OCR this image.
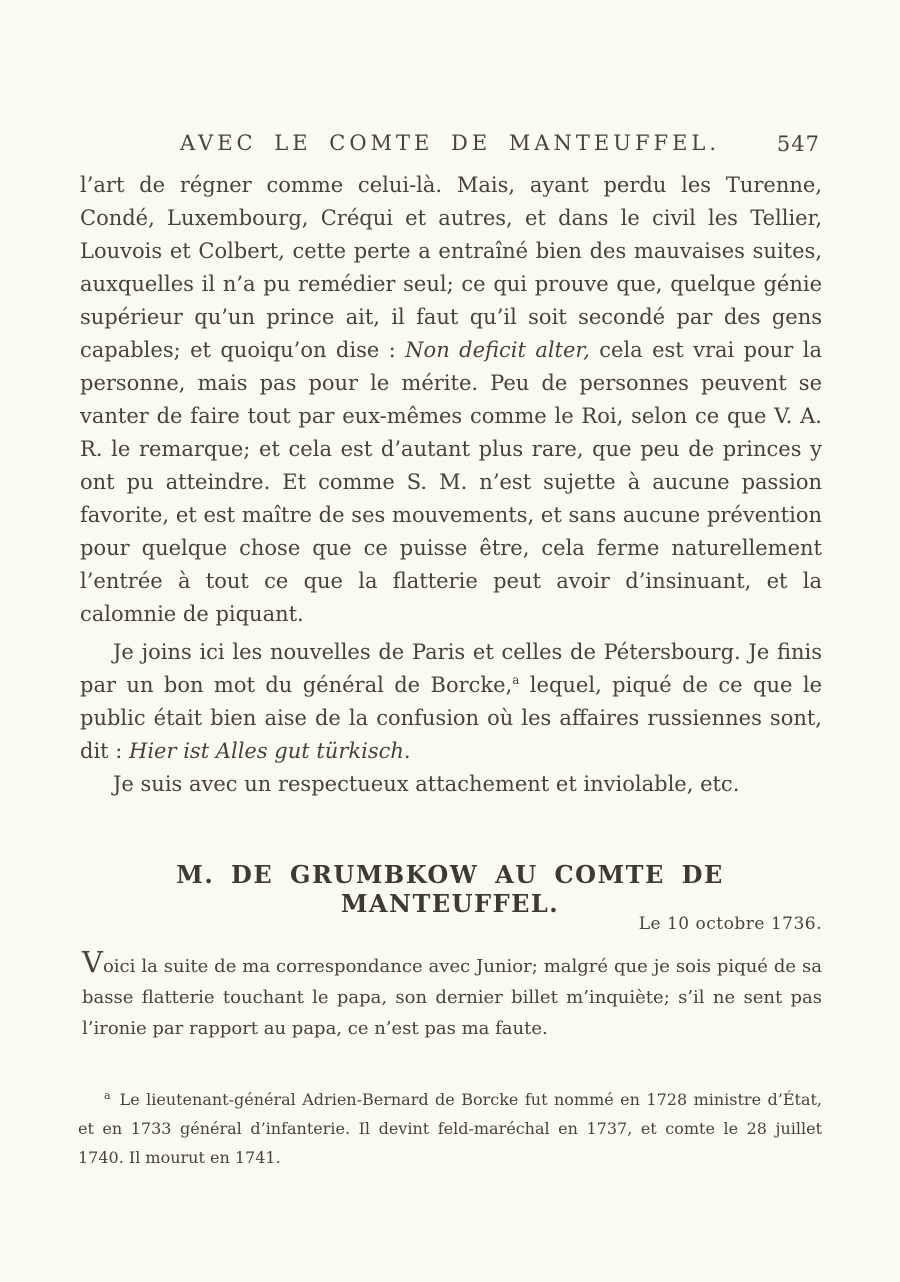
AVEC LE COMTE DE MANTEUFFEL.	547

l’art de régner comme celui-là. Mais, ayant perdu les Turenne, Condé, Luxembourg, Créqui et autres, et dans le civil les Tellier, Louvois et Colbert, cette perte a entraîné bien des mauvaises suites, auxquelles il n’a pu remédier seul; ce qui prouve que, quelque génie supérieur qu’un prince ait, il faut qu’il soit secondé par des gens capables; et quoiqu’on dise : Non deficit alter, cela est vrai pour la personne, mais pas pour le mérite. Peu de personnes peuvent se vanter de faire tout par eux-mêmes comme le Roi, selon ce que V. A. R. le remarque; et cela est d’autant plus rare, que peu de princes y ont pu atteindre. Et comme S. M. n’est sujette à aucune passion favorite, et est maître de ses mouvements, et sans aucune prévention pour quelque chose que ce puisse être, cela ferme naturellement l’entrée à tout ce que la flatterie peut avoir d’insinuant, et la calomnie de piquant.

Je joins ici les nouvelles de Paris et celles de Pétersbourg. Je finis par un bon mot du général de Borcke,$^a$ lequel, piqué de ce que le public était bien aise de la confusion où les affaires russiennes sont, dit : Hier ist Alles gut türkisch.

Je suis avec un respectueux attachement et inviolable, etc.

M. DE GRUMBKOW AU COMTE DE MANTEUFFEL.
Le 10 octobre 1736.

Voici la suite de ma correspondance avec Junior; malgré que je sois piqué de sa basse flatterie touchant le papa, son dernier billet m’inquiète; s’il ne sent pas l’ironie par rapport au papa, ce n’est pas ma faute.

$^a$ Le lieutenant-général Adrien-Bernard de Borcke fut nommé en 1728 ministre d’État, et en 1733 général d’infanterie. Il devint feld-maréchal en 1737, et comte le 28 juillet 1740. Il mourut en 1741.
